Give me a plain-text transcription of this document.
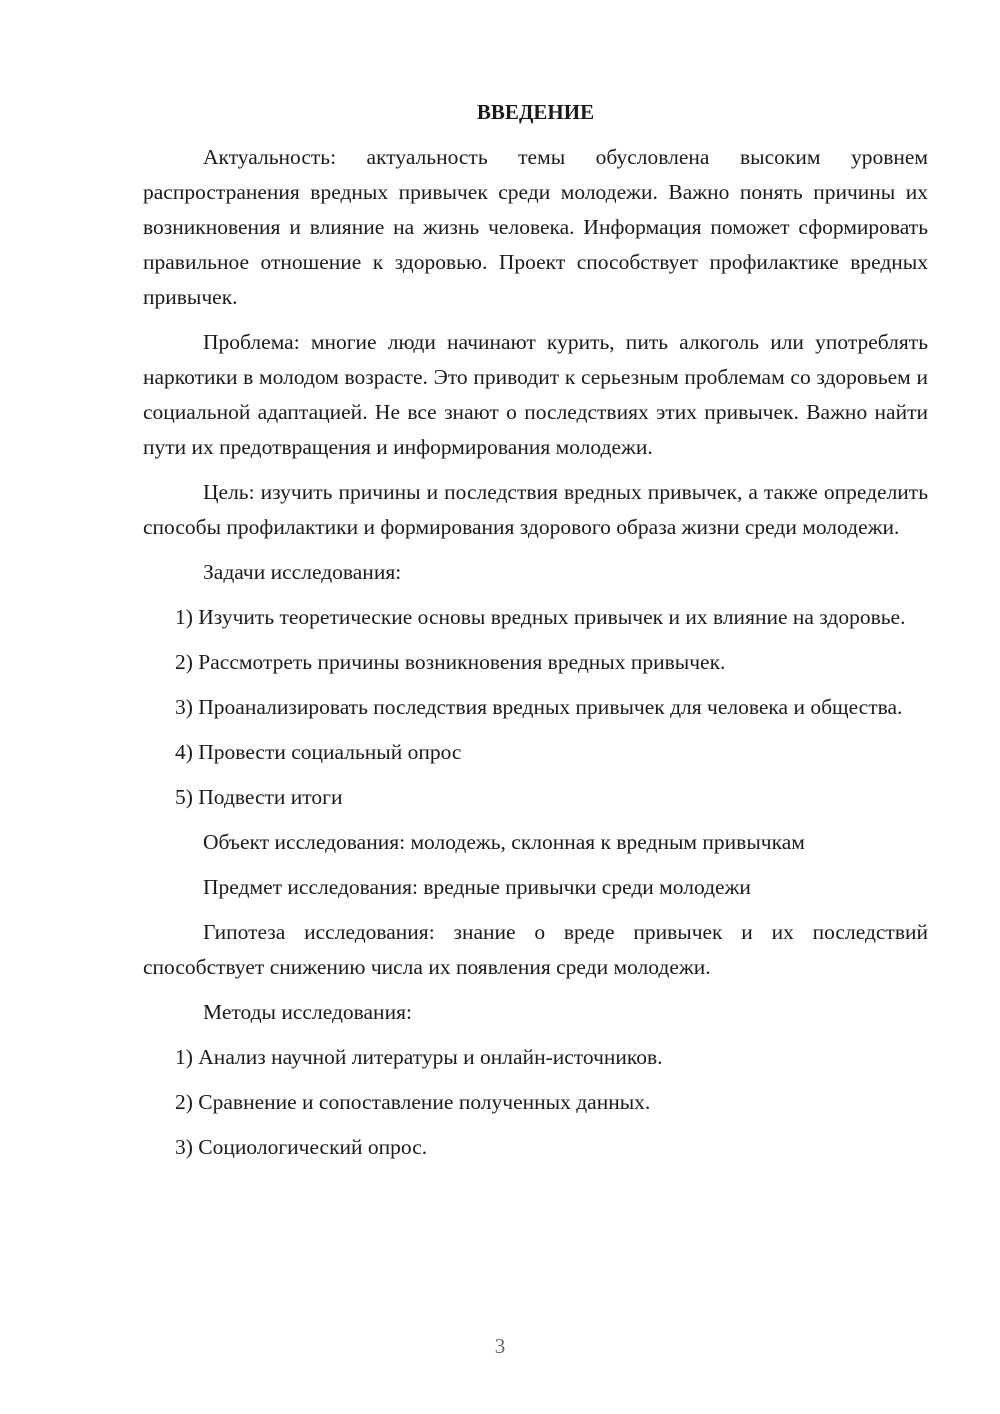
ВВЕДЕНИЕ

Актуальность: актуальность темы обусловлена высоким уровнем распространения вредных привычек среди молодежи. Важно понять причины их возникновения и влияние на жизнь человека. Информация поможет сформировать правильное отношение к здоровью. Проект способствует профилактике вредных привычек.

Проблема: многие люди начинают курить, пить алкоголь или употреблять наркотики в молодом возрасте. Это приводит к серьезным проблемам со здоровьем и социальной адаптацией. Не все знают о последствиях этих привычек. Важно найти пути их предотвращения и информирования молодежи.

Цель: изучить причины и последствия вредных привычек, а также определить способы профилактики и формирования здорового образа жизни среди молодежи.

Задачи исследования:

1) Изучить теоретические основы вредных привычек и их влияние на здоровье.

2) Рассмотреть причины возникновения вредных привычек.

3) Проанализировать последствия вредных привычек для человека и общества.

4) Провести социальный опрос

5) Подвести итоги

Объект исследования: молодежь, склонная к вредным привычкам

Предмет исследования: вредные привычки среди молодежи

Гипотеза исследования: знание о вреде привычек и их последствий способствует снижению числа их появления среди молодежи.

Методы исследования:

1) Анализ научной литературы и онлайн-источников.

2) Сравнение и сопоставление полученных данных.

3) Социологический опрос.

3
